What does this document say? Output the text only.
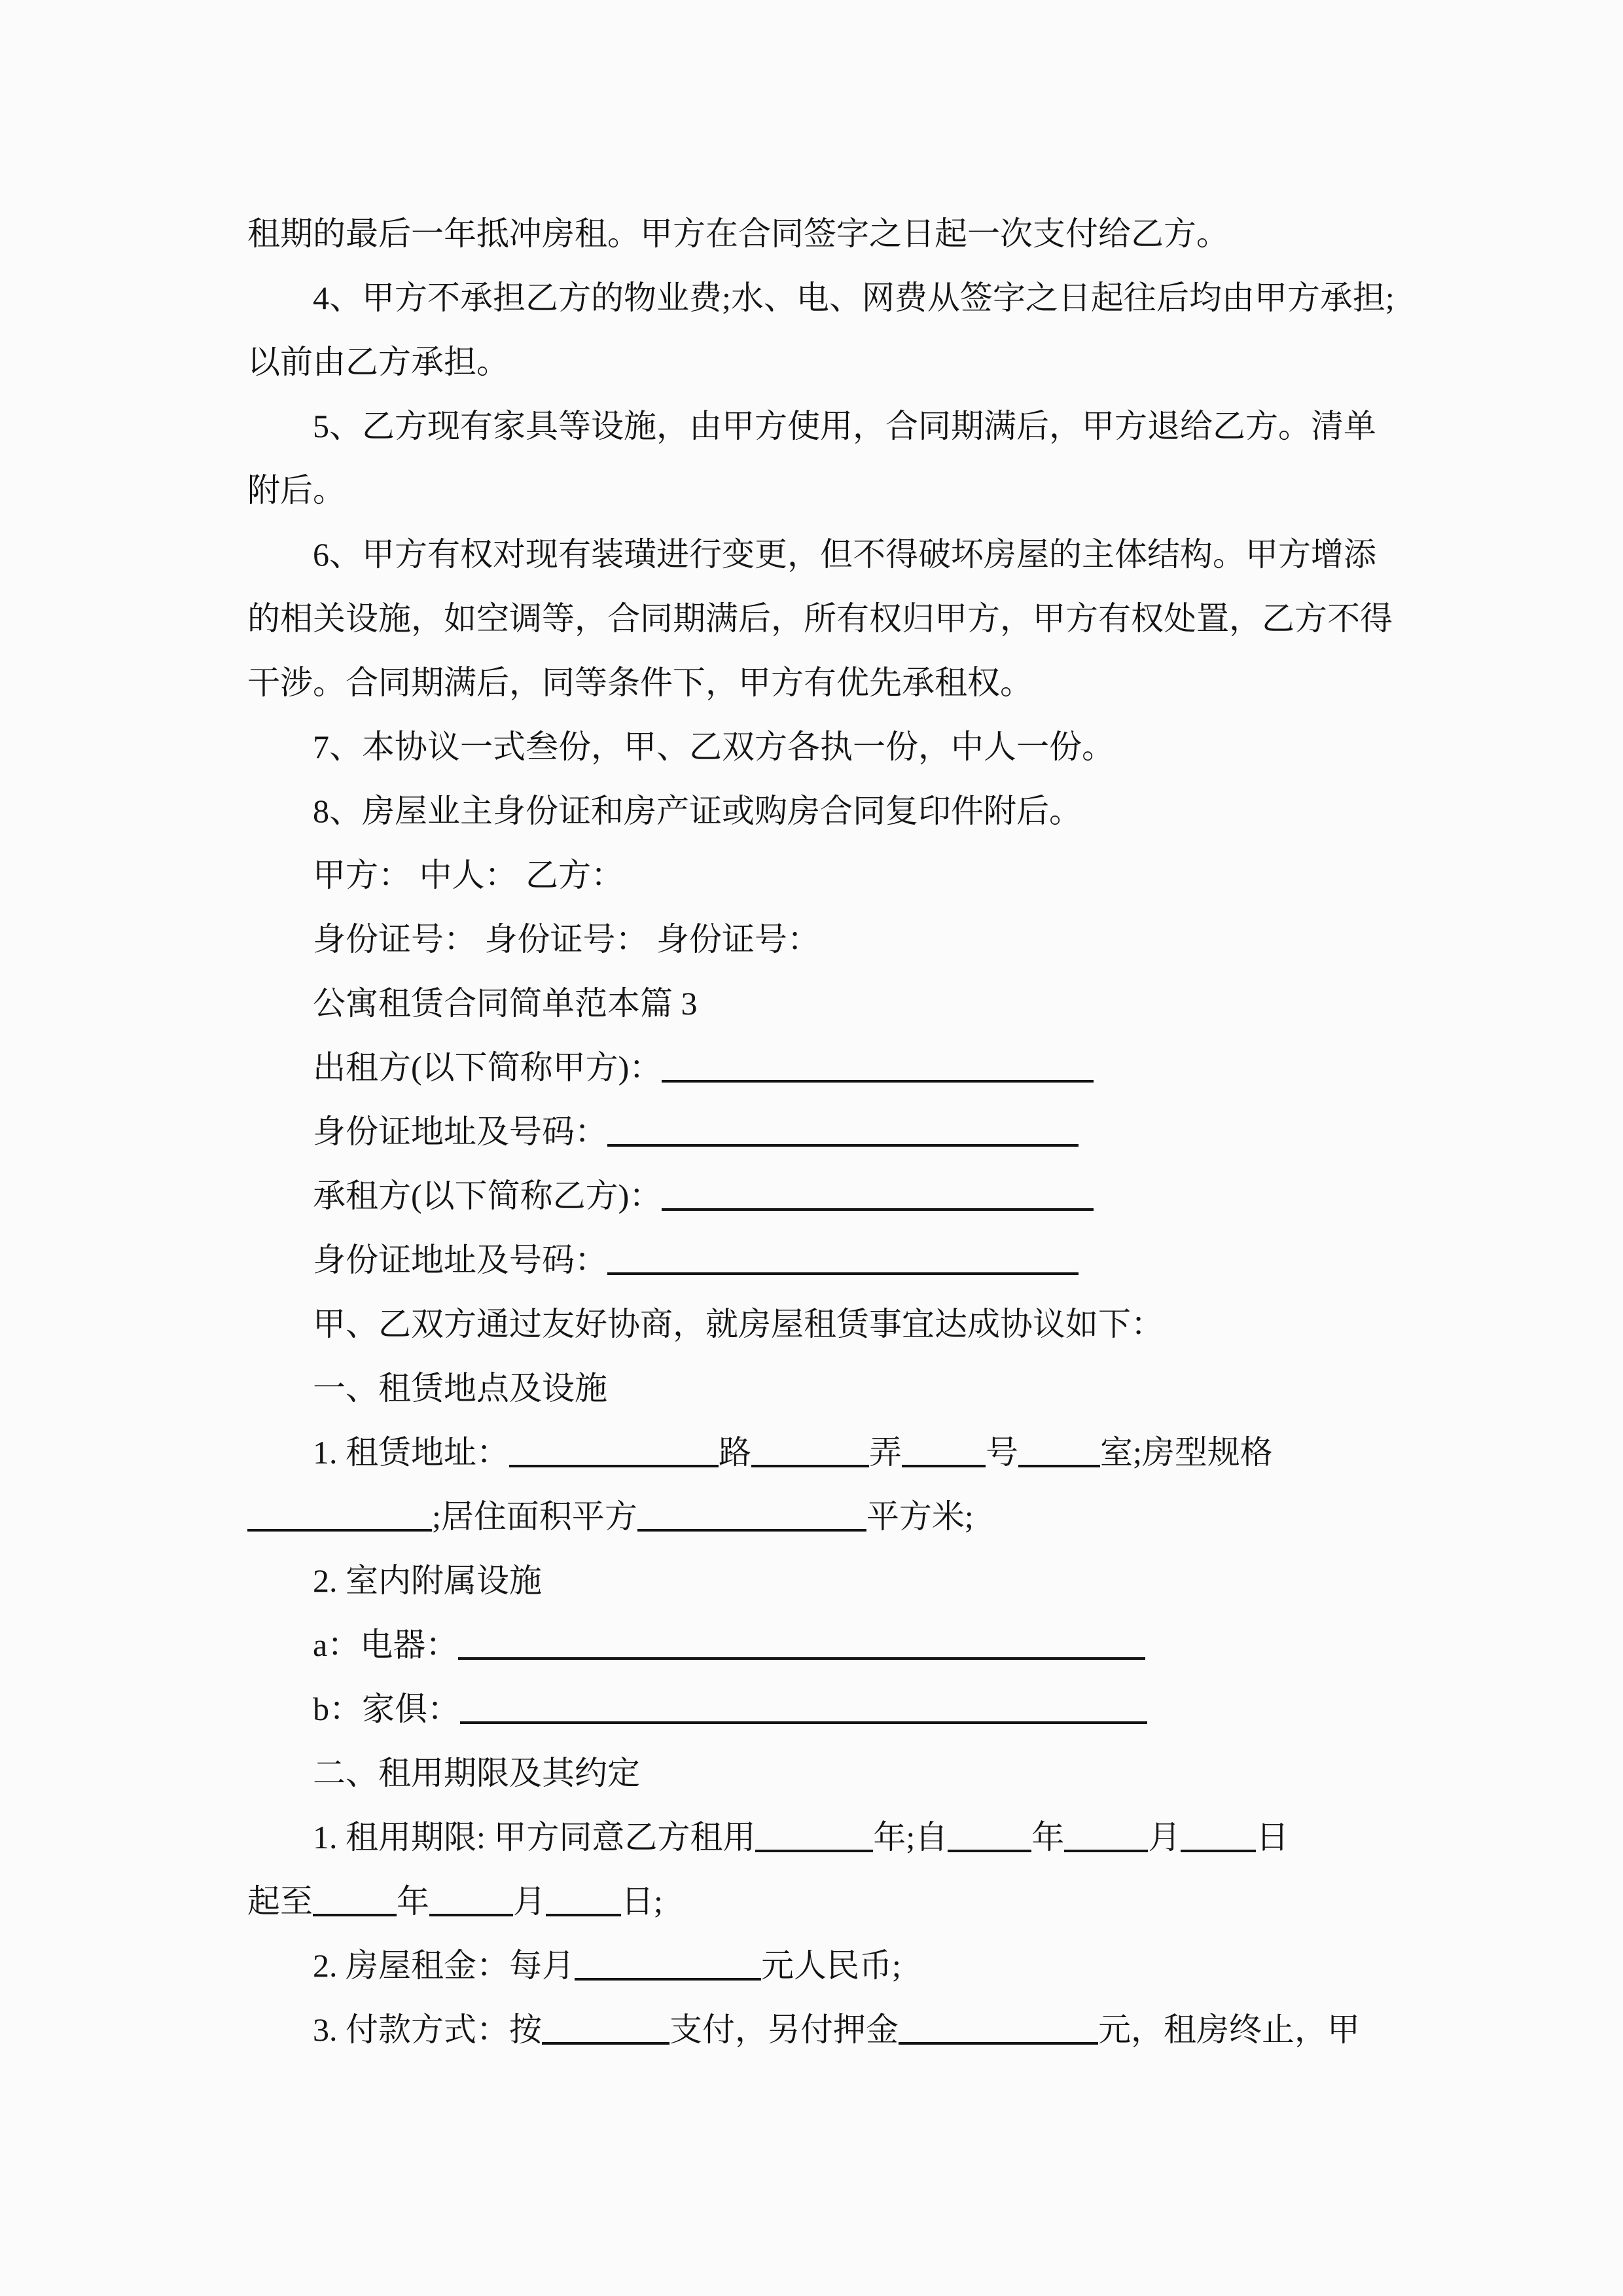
租期的最后一年抵冲房租。甲方在合同签字之日起一次支付给乙方。
4、甲方不承担乙方的物业费;水、电、网费从签字之日起往后均由甲方承担;
以前由乙方承担。
5、乙方现有家具等设施，由甲方使用，合同期满后，甲方退给乙方。清单
附后。
6、甲方有权对现有装璜进行变更，但不得破坏房屋的主体结构。甲方增添
的相关设施，如空调等，合同期满后，所有权归甲方，甲方有权处置，乙方不得
干涉。合同期满后，同等条件下，甲方有优先承租权。
7、本协议一式叁份，甲、乙双方各执一份，中人一份。
8、房屋业主身份证和房产证或购房合同复印件附后。
甲方： 中人： 乙方：
身份证号： 身份证号： 身份证号：
公寓租赁合同简单范本篇 3
出租方(以下简称甲方)：
身份证地址及号码：
承租方(以下简称乙方)：
身份证地址及号码：
甲、乙双方通过友好协商，就房屋租赁事宜达成协议如下：
一、租赁地点及设施
1. 租赁地址：	路	弄	号	室;房型规格
;居住面积平方	平方米;
2. 室内附属设施
a：电器：
b：家俱：
二、租用期限及其约定
1. 租用期限: 甲方同意乙方租用	年;自	年	月 日
起至	年	月 日;
2. 房屋租金：每月	元人民币;
3. 付款方式：按	支付，另付押金	元，租房终止，甲
